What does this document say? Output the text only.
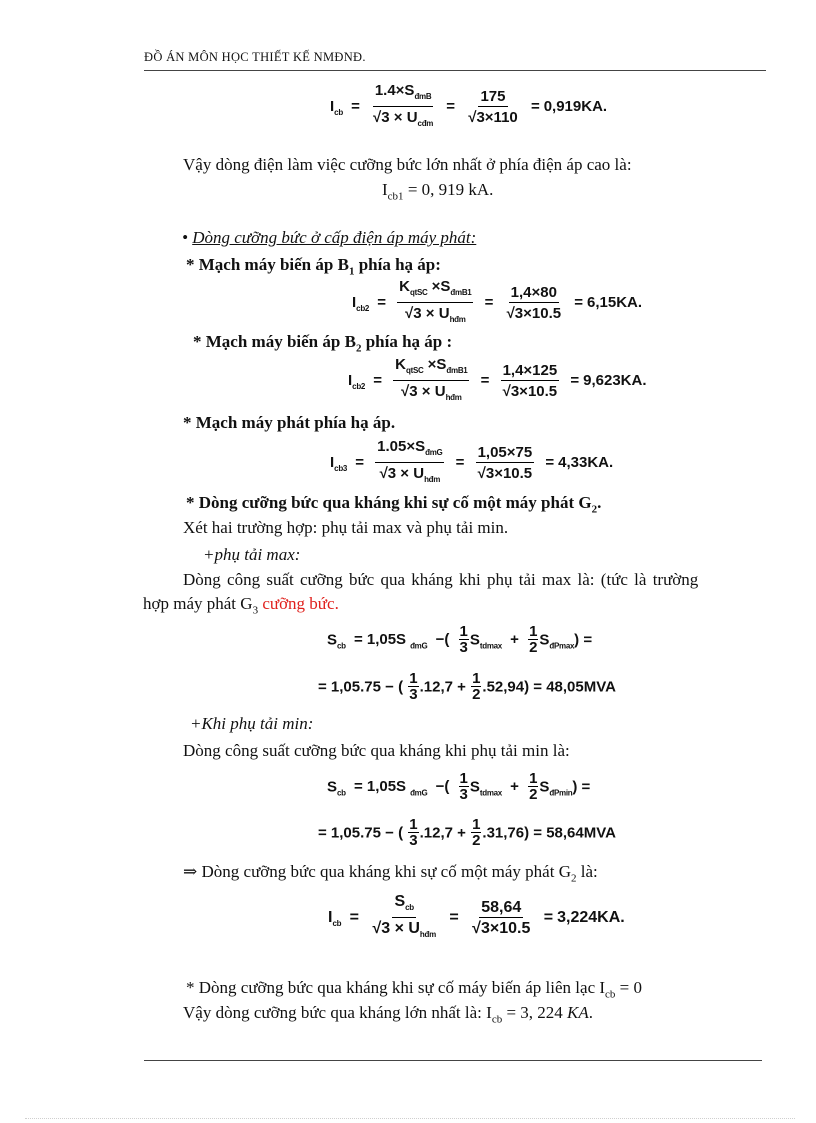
ĐỒ ÁN MÔN HỌC THIẾT KẾ NMĐNĐ.
$I_{cb} = \frac{1.4\times S_{đmB}}{√3 \times U_{cđm}} = \frac{175}{√3\times 110} = 0,919KA$.
Vậy dòng điện làm việc cưỡng bức lớn nhất ở phía điện áp cao là:
$I_{cb1} = 0$, 919 kA.
• Dòng cưỡng bức ở cấp điện áp máy phát:
* Mạch máy biến áp $B_1$ phía hạ áp:
$I_{cb2} = \frac{K_{qtSC} \times S_{đmB1}}{√3 \times U_{hđm}} = \frac{1,4\times 80}{√3\times 10.5} = 6,15KA$.
* Mạch máy biến áp $B_2$ phía hạ áp :
$I_{cb2} = \frac{K_{qtSC} \times S_{đmB1}}{√3 \times U_{hđm}} = \frac{1,4\times 125}{√3\times 10.5} = 9,623KA$.
* Mạch máy phát phía hạ áp.
$I_{cb3} = \frac{1.05\times S_{đmG}}{√3 \times U_{hđm}} = \frac{1,05\times 75}{√3\times 10.5} = 4,33KA$.
* Dòng cưỡng bức qua kháng khi sự cố một máy phát $G_2$.
Xét hai trường hợp: phụ tải max và phụ tải min.
+phụ tải max:
Dòng công suất cưỡng bức qua kháng khi phụ tải max là: (tức là trường
hợp máy phát $G_3$ cưỡng bức.
$S_{cb} = 1,05S$ $_{đmG}$ −( $\frac{1}{3} S_{tdmax} + \frac{1}{2} S_{đPmax}$) =
= 1,05.75 − ( $\frac{1}{3} .12,7 + \frac{1}{2} .52,94) = 48,05MVA$
+Khi phụ tải min:
Dòng công suất cưỡng bức qua kháng khi phụ tải min là:
$S_{cb} = 1,05S$ $_{đmG}$ −( $\frac{1}{3} S_{tdmax} + \frac{1}{2} S_{đPmin}$) =
= 1,05.75 − ( $\frac{1}{3} .12,7 + \frac{1}{2} .31,76) = 58,64MVA$
⇒ Dòng cưỡng bức qua kháng khi sự cố một máy phát $G_2$ là:
$I_{cb} = \frac{S_{cb}}{√3 \times U_{hđm}} = \frac{58,64}{√3\times 10.5} = 3,224KA$.
* Dòng cưỡng bức qua kháng khi sự cố máy biến áp liên lạc $I_{cb} = 0$
Vậy dòng cưỡng bức qua kháng lớn nhất là: $I_{cb} = 3$, 224 KA.
